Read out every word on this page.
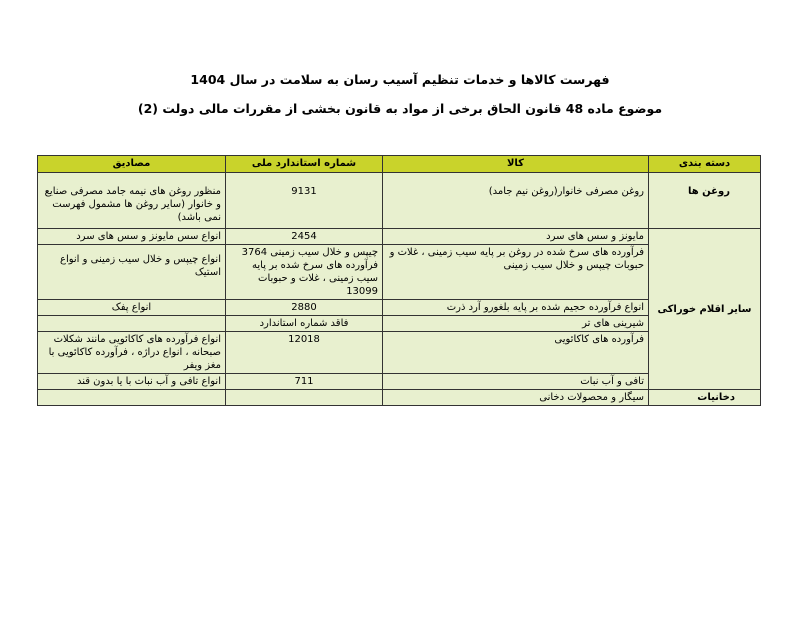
فهرست کالاها و خدمات تنظیم آسیب رسان به سلامت در سال 1404
موضوع ماده 48 قانون الحاق برخی از مواد به قانون بخشی از مقررات مالی دولت (2)
دسته بندی	کالا	شماره استاندارد ملی	مصادیق
روغن ها	روغن مصرفی خانوار(روغن نیم جامد)	9131	منظور روغن های نیمه جامد مصرفی صنایع و خانوار (سایر روغن ها مشمول فهرست نمی باشد)
سایر اقلام خوراکی	مایونز و سس های سرد	2454	انواع سس مایونز و سس های سرد
	فرآورده های سرخ شده در روغن بر پایه سیب زمینی ، غلات و حبوبات چیپس و خلال سیب زمینی	چیپس و خلال سیب زمینی 3764 فرآورده های سرخ شده بر پایه سیب زمینی ، غلات و حبوبات 13099	انواع چیپس و خلال سیب زمینی و انواع استیک
	انواع فرآورده حجیم شده بر پایه بلغورو آرد ذرت	2880	انواع پفک
	شیرینی های تر	فاقد شماره استاندارد	
	فرآورده های کاکائویی	12018	انواع فرآورده های کاکائویی مانند شکلات صبحانه ، انواع دراژه ، فرآورده کاکائویی با مغز ویفر
	تافی و آب نبات	711	انواع تافی و آب نبات با یا بدون قند
دخانیات	سیگار و محصولات دخانی		
